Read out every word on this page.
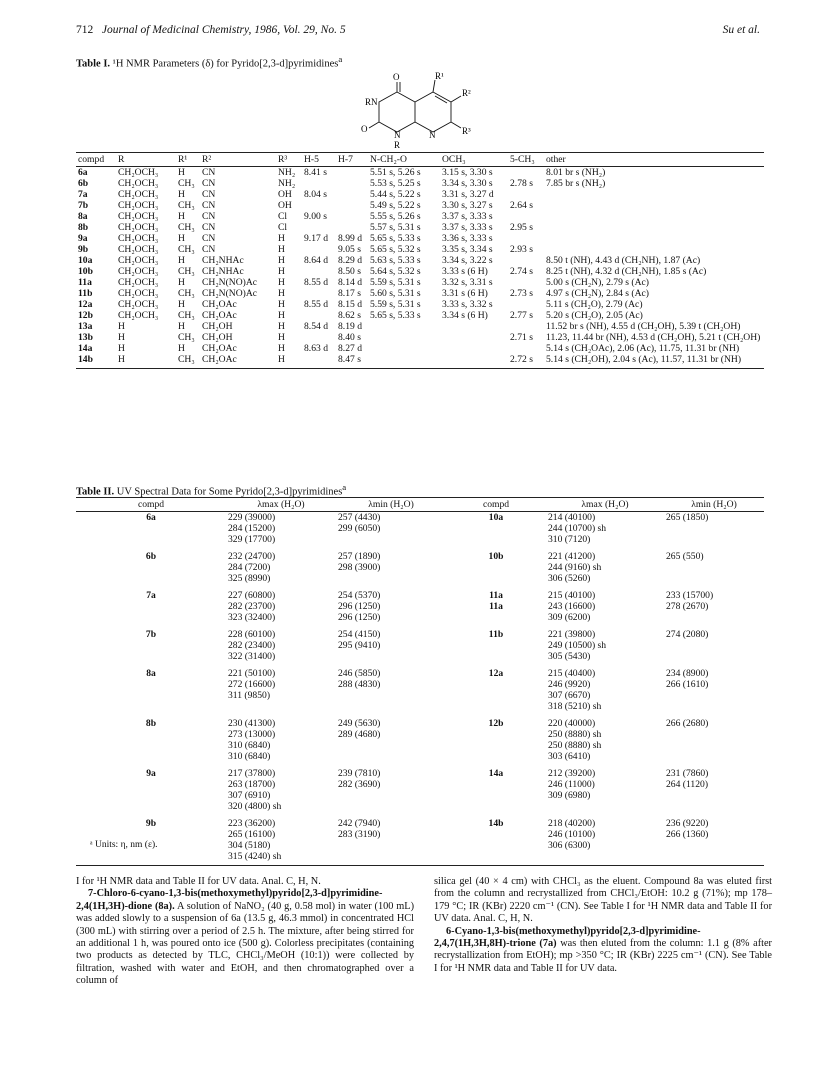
712 Journal of Medicinal Chemistry, 1986, Vol. 29, No. 5	Su et al.
Table I. ¹H NMR Parameters (δ) for Pyrido[2,3-d]pyrimidines$^a$
O	R¹
RN
R²
O
N	N	R³
R
compd	R	R¹	R²	R³	H-5	H-7	N-CH₂-O	OCH₃	5-CH₃	other
6a	CH₂OCH₃	H	CN	NH₂	8.41 s		5.51 s, 5.26 s	3.15 s, 3.30 s		8.01 br s (NH₂)
6b	CH₂OCH₃	CH₃	CN	NH₂			5.53 s, 5.25 s	3.34 s, 3.30 s	2.78 s	7.85 br s (NH₂)
7a	CH₂OCH₃	H	CN	OH	8.04 s		5.44 s, 5.22 s	3.31 s, 3.27 d		
7b	CH₂OCH₃	CH₃	CN	OH			5.49 s, 5.22 s	3.30 s, 3.27 s	2.64 s	
8a	CH₂OCH₃	H	CN	Cl	9.00 s		5.55 s, 5.26 s	3.37 s, 3.33 s		
8b	CH₂OCH₃	CH₃	CN	Cl			5.57 s, 5.31 s	3.37 s, 3.33 s	2.95 s	
9a	CH₂OCH₃	H	CN	H	9.17 d	8.99 d	5.65 s, 5.33 s	3.36 s, 3.33 s		
9b	CH₂OCH₃	CH₃	CN	H		9.05 s	5.65 s, 5.32 s	3.35 s, 3.34 s	2.93 s	
10a	CH₂OCH₃	H	CH₂NHAc	H	8.64 d	8.29 d	5.63 s, 5.33 s	3.34 s, 3.22 s		8.50 t (NH), 4.43 d (CH₂NH), 1.87 (Ac)
10b	CH₂OCH₃	CH₃	CH₂NHAc	H		8.50 s	5.64 s, 5.32 s	3.33 s (6 H)	2.74 s	8.25 t (NH), 4.32 d (CH₂NH), 1.85 s (Ac)
11a	CH₂OCH₃	H	CH₂N(NO)Ac	H	8.55 d	8.14 d	5.59 s, 5.31 s	3.32 s, 3.31 s		5.00 s (CH₂N), 2.79 s (Ac)
11b	CH₂OCH₃	CH₃	CH₂N(NO)Ac	H		8.17 s	5.60 s, 5.31 s	3.31 s (6 H)	2.73 s	4.97 s (CH₂N), 2.84 s (Ac)
12a	CH₂OCH₃	H	CH₂OAc	H	8.55 d	8.15 d	5.59 s, 5.31 s	3.33 s, 3.32 s		5.11 s (CH₂O), 2.79 (Ac)
12b	CH₂OCH₃	CH₃	CH₂OAc	H		8.62 s	5.65 s, 5.33 s	3.34 s (6 H)	2.77 s	5.20 s (CH₂O), 2.05 (Ac)
13a	H	H	CH₂OH	H	8.54 d	8.19 d				11.52 br s (NH), 4.55 d (CH₂OH), 5.39 t (CH₂OH)
13b	H	CH₃	CH₂OH	H		8.40 s			2.71 s	11.23, 11.44 br (NH), 4.53 d (CH₂OH), 5.21 t (CH₂OH)
14a	H	H	CH₂OAc	H	8.63 d	8.27 d				5.14 s (CH₂OAc), 2.06 (Ac), 11.75, 11.31 br (NH)
14b	H	CH₃	CH₂OAc	H		8.47 s			2.72 s	5.14 s (CH₂OH), 2.04 s (Ac), 11.57, 11.31 br (NH)
Table II. UV Spectral Data for Some Pyrido[2,3-d]pyrimidines$^a$
compd	λmax (H₂O)	λmin (H₂O)	compd	λmax (H₂O)	λmin (H₂O)
6a	229 (39000)	257 (4430)	10a	214 (40100)	265 (1850)
	284 (15200)	299 (6050)		244 (10700) sh	
	329 (17700)			310 (7120)	
6b	232 (24700)	257 (1890)	10b	221 (41200)	265 (550)
	284 (7200)	298 (3900)		244 (9160) sh	
	325 (8990)			306 (5260)	
7a	227 (60800)	254 (5370)	11a	215 (40100)	233 (15700)
	282 (23700)	296 (1250)	11a	243 (16600)	278 (2670)
	323 (32400)	296 (1250)		309 (6200)	
7b	228 (60100)	254 (4150)	11b	221 (39800)	274 (2080)
	282 (23400)	295 (9410)		249 (10500) sh	
	322 (31400)			305 (5430)	
8a	221 (50100)	246 (5850)	12a	215 (40400)	234 (8900)
	272 (16600)	288 (4830)		246 (9920)	266 (1610)
	311 (9850)			307 (6670)	
				318 (5210) sh	
8b	230 (41300)	249 (5630)	12b	220 (40000)	266 (2680)
	273 (13000)	289 (4680)		250 (8880) sh	
	310 (6840)			250 (8880) sh	
	310 (6840)			303 (6410)	
9a	217 (37800)	239 (7810)	14a	212 (39200)	231 (7860)
	263 (18700)	282 (3690)		246 (11000)	264 (1120)
	307 (6910)			309 (6980)	
	320 (4800) sh				
9b	223 (36200)	242 (7940)	14b	218 (40200)	236 (9220)
	265 (16100)	283 (3190)		246 (10100)	266 (1360)
	304 (5180)			306 (6300)	
	315 (4240) sh				
ᵃ Units: η, nm (ε).

I for ¹H NMR data and Table II for UV data. Anal. C, H, N.

7-Chloro-6-cyano-1,3-bis(methoxymethyl)pyrido[2,3-d]pyrimidine-2,4(1H,3H)-dione (8a). A solution of NaNO₂ (40 g, 0.58 mol) in water (100 mL) was added slowly to a suspension of 6a (13.5 g, 46.3 mmol) in concentrated HCl (300 mL) with stirring over a period of 2.5 h. The mixture, after being stirred for an additional 1 h, was poured onto ice (500 g). Colorless precipitates (containing two products as detected by TLC, CHCl₃/MeOH (10:1)) were collected by filtration, washed with water and EtOH, and then chromatographed over a column of

silica gel (40 × 4 cm) with CHCl₃ as the eluent. Compound 8a was eluted first from the column and recrystallized from CHCl₃/EtOH: 10.2 g (71%); mp 178–179 °C; IR (KBr) 2220 cm⁻¹ (CN). See Table I for ¹H NMR data and Table II for UV data. Anal. C, H, N.

6-Cyano-1,3-bis(methoxymethyl)pyrido[2,3-d]pyrimidine-2,4,7(1H,3H,8H)-trione (7a) was then eluted from the column: 1.1 g (8% after recrystallization from EtOH); mp >350 °C; IR (KBr) 2225 cm⁻¹ (CN). See Table I for ¹H NMR data and Table II for UV data.
